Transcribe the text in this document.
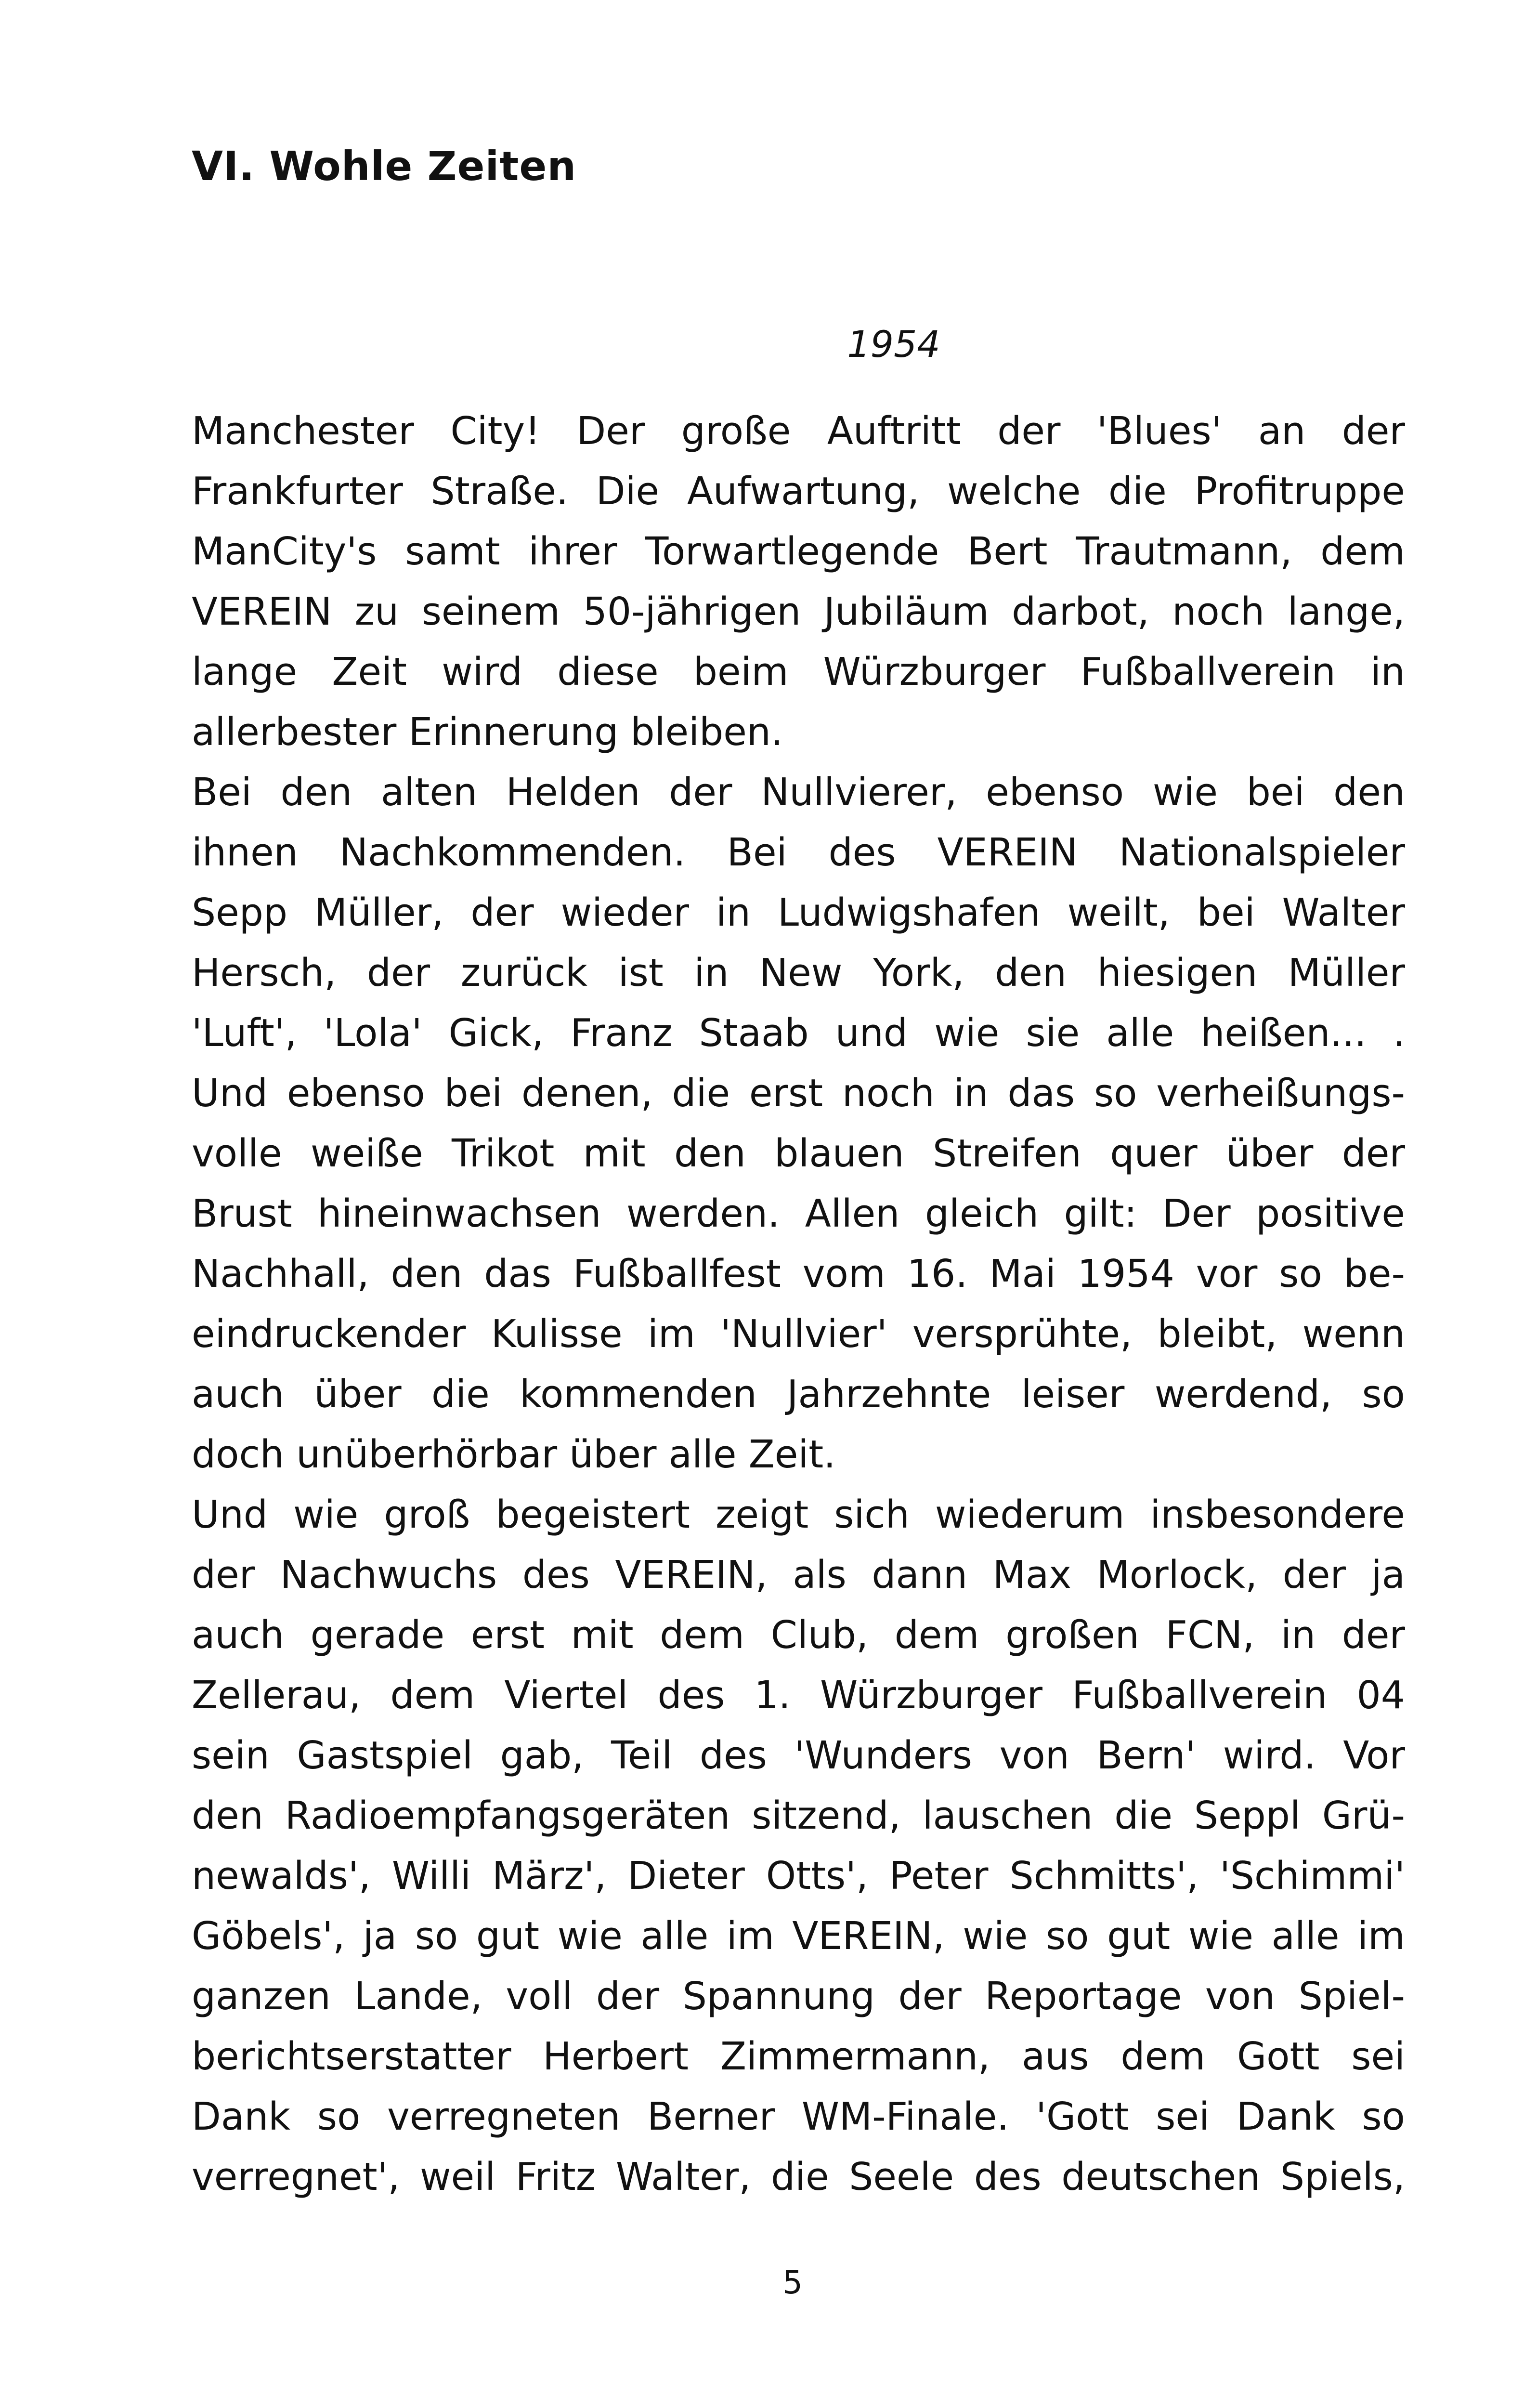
VI. Wohle Zeiten

1954

Manchester City! Der große Auftritt der 'Blues' an der
Frankfurter Straße. Die Aufwartung, welche die Profitruppe
ManCity's samt ihrer Torwartlegende Bert Trautmann, dem
VEREIN zu seinem 50-jährigen Jubiläum darbot, noch lange,
lange Zeit wird diese beim Würzburger Fußballverein in
allerbester Erinnerung bleiben.
Bei den alten Helden der Nullvierer, ebenso wie bei den
ihnen Nachkommenden. Bei des VEREIN Nationalspieler
Sepp Müller, der wieder in Ludwigshafen weilt, bei Walter
Hersch, der zurück ist in New York, den hiesigen Müller
'Luft', 'Lola' Gick, Franz Staab und wie sie alle heißen... .
Und ebenso bei denen, die erst noch in das so verheißungs-
volle weiße Trikot mit den blauen Streifen quer über der
Brust hineinwachsen werden. Allen gleich gilt: Der positive
Nachhall, den das Fußballfest vom 16. Mai 1954 vor so be-
eindruckender Kulisse im 'Nullvier' versprühte, bleibt, wenn
auch über die kommenden Jahrzehnte leiser werdend, so
doch unüberhörbar über alle Zeit.
Und wie groß begeistert zeigt sich wiederum insbesondere
der Nachwuchs des VEREIN, als dann Max Morlock, der ja
auch gerade erst mit dem Club, dem großen FCN, in der
Zellerau, dem Viertel des 1. Würzburger Fußballverein 04
sein Gastspiel gab, Teil des 'Wunders von Bern' wird. Vor
den Radioempfangsgeräten sitzend, lauschen die Seppl Grü-
newalds', Willi März', Dieter Otts', Peter Schmitts', 'Schimmi'
Göbels', ja so gut wie alle im VEREIN, wie so gut wie alle im
ganzen Lande, voll der Spannung der Reportage von Spiel-
berichtserstatter Herbert Zimmermann, aus dem Gott sei
Dank so verregneten Berner WM-Finale. 'Gott sei Dank so
verregnet', weil Fritz Walter, die Seele des deutschen Spiels,
5
